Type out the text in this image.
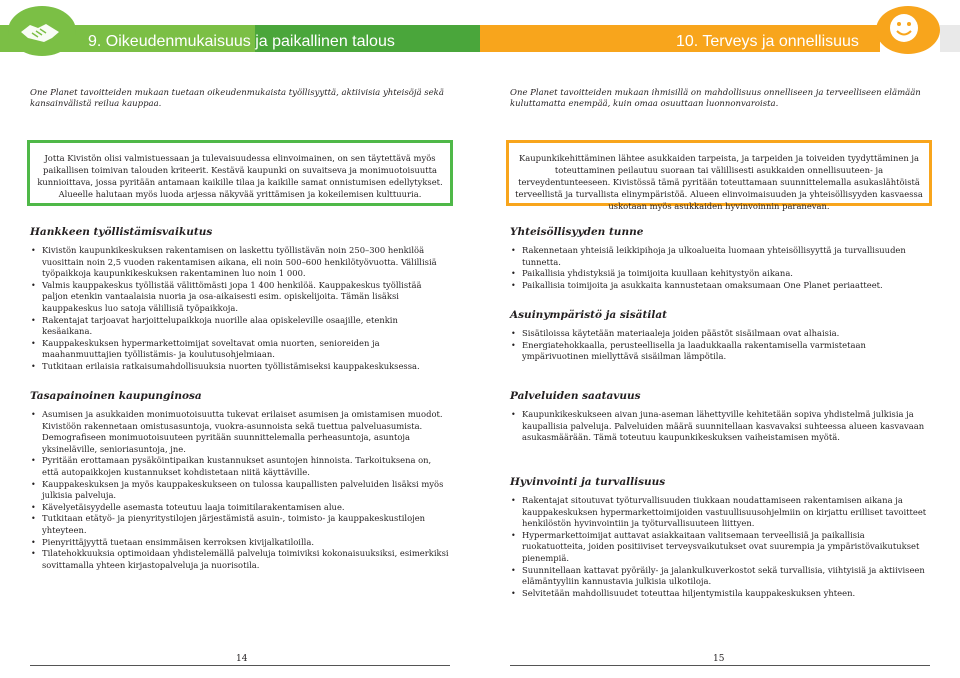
9. Oikeudenmukaisuus ja paikallinen talous	10. Terveys ja onnellisuus

One Planet tavoitteiden mukaan tuetaan oikeudenmukaista työllisyyttä, aktiivisia yhteisöjä sekä kansainvälistä reilua kauppaa.

One Planet tavoitteiden mukaan ihmisillä on mahdollisuus onnelliseen ja terveelliseen elämään kuluttamatta enempää, kuin omaa osuuttaan luonnonvaroista.

Jotta Kivistön olisi valmistuessaan ja tulevaisuudessa elinvoimainen, on sen täytettävä myös paikallisen toimivan talouden kriteerit. Kestävä kaupunki on suvaitseva ja monimuotoisuutta kunnioittava, jossa pyritään antamaan kaikille tilaa ja kaikille samat onnistumisen edellytykset. Alueelle halutaan myös luoda arjessa näkyvää yrittämisen ja kokeilemisen kulttuuria.
Kaupunkikehittäminen lähtee asukkaiden tarpeista, ja tarpeiden ja toiveiden tyydyttäminen ja toteuttaminen peilautuu suoraan tai välillisesti asukkaiden onnellisuuteen- ja terveydentunteeseen. Kivistössä tämä pyritään toteuttamaan suunnittelemalla asukaslähtöistä terveellistä ja turvallista elinympäristöä. Alueen elinvoimaisuuden ja yhteisöllisyyden kasvaessa uskotaan myös asukkaiden hyvinvoinnin paranevan.
Hankkeen työllistämisvaikutus
• Kivistön kaupunkikeskuksen rakentamisen on laskettu työllistävän noin 250–300 henkilöä vuosittain noin 2,5 vuoden rakentamisen aikana, eli noin 500–600 henkilötyövuotta. Välillisiä työpaikkoja kaupunkikeskuksen rakentaminen luo noin 1 000.
• Valmis kauppakeskus työllistää välittömästi jopa 1 400 henkilöä. Kauppakeskus työllistää paljon etenkin vantaalaisia nuoria ja osa-aikaisesti esim. opiskelijoita. Tämän lisäksi kauppakeskus luo satoja välillisiä työpaikkoja.
• Rakentajat tarjoavat harjoittelupaikkoja nuorille alaa opiskeleville osaajille, etenkin kesäaikana.
• Kauppakeskuksen hypermarkettoimijat soveltavat omia nuorten, senioreiden ja maahanmuuttajien työllistämis- ja koulutusohjelmiaan.
• Tutkitaan erilaisia ratkaisumahdollisuuksia nuorten työllistämiseksi kauppakeskuksessa.
Tasapainoinen kaupunginosa
• Asumisen ja asukkaiden monimuotoisuutta tukevat erilaiset asumisen ja omistamisen muodot. Kivistöön rakennetaan omistusasuntoja, vuokra-asunnoista sekä tuettua palveluasumista. Demografiseen monimuotoisuuteen pyritään suunnittelemalla perheasuntoja, asuntoja yksineläville, senioriasuntoja, jne.
• Pyritään erottamaan pysäköintipaikan kustannukset asuntojen hinnoista. Tarkoituksena on, että autopaikkojen kustannukset kohdistetaan niitä käyttäville.
• Kauppakeskuksen ja myös kauppakeskukseen on tulossa kaupallisten palveluiden lisäksi myös julkisia palveluja.
• Kävelyetäisyydelle asemasta toteutuu laaja toimitilarakentamisen alue.
• Tutkitaan etätyö- ja pienyritystilojen järjestämistä asuin-, toimisto- ja kauppakeskustilojen yhteyteen.
• Pienyrittäjyyttä tuetaan ensimmäisen kerroksen kivijalkatiloilla.
• Tilatehokkuuksia optimoidaan yhdistelemällä palveluja toimiviksi kokonaisuuksiksi, esimerkiksi sovittamalla yhteen kirjastopalveluja ja nuorisotila.
Yhteisöllisyyden tunne
• Rakennetaan yhteisiä leikkipihoja ja ulkoalueita luomaan yhteisöllisyyttä ja turvallisuuden tunnetta.
• Paikallisia yhdistyksiä ja toimijoita kuullaan kehitystyön aikana.
• Paikallisia toimijoita ja asukkaita kannustetaan omaksumaan One Planet periaatteet.
Asuinympäristö ja sisätilat
• Sisätiloissa käytetään materiaaleja joiden päästöt sisäilmaan ovat alhaisia.
• Energiatehokkaalla, perusteellisella ja laadukkaalla rakentamisella varmistetaan ympärivuotinen miellyttävä sisäilman lämpötila.
Palveluiden saatavuus
• Kaupunkikeskukseen aivan juna-aseman lähettyville kehitetään sopiva yhdistelmä julkisia ja kaupallisia palveluja. Palveluiden määrä suunnitellaan kasvavaksi suhteessa alueen kasvavaan asukasmäärään. Tämä toteutuu kaupunkikeskuksen vaiheistamisen myötä.
Hyvinvointi ja turvallisuus
• Rakentajat sitoutuvat työturvallisuuden tiukkaan noudattamiseen rakentamisen aikana ja kauppakeskuksen hypermarkettoimijoiden vastuullisuusohjelmiin on kirjattu erilliset tavoitteet henkilöstön hyvinvointiin ja työturvallisuuteen liittyen.
• Hypermarkettoimijat auttavat asiakkaitaan valitsemaan terveellisiä ja paikallisia ruokatuotteita, joiden positiiviset terveysvaikutukset ovat suurempia ja ympäristövaikutukset pienempiä.
• Suunnitellaan kattavat pyöräily- ja jalankulkuverkostot sekä turvallisia, viihtyisiä ja aktiiviseen elämäntyyliin kannustavia julkisia ulkotiloja.
• Selvitetään mahdollisuudet toteuttaa hiljentymistila kauppakeskuksen yhteen.
14	15
